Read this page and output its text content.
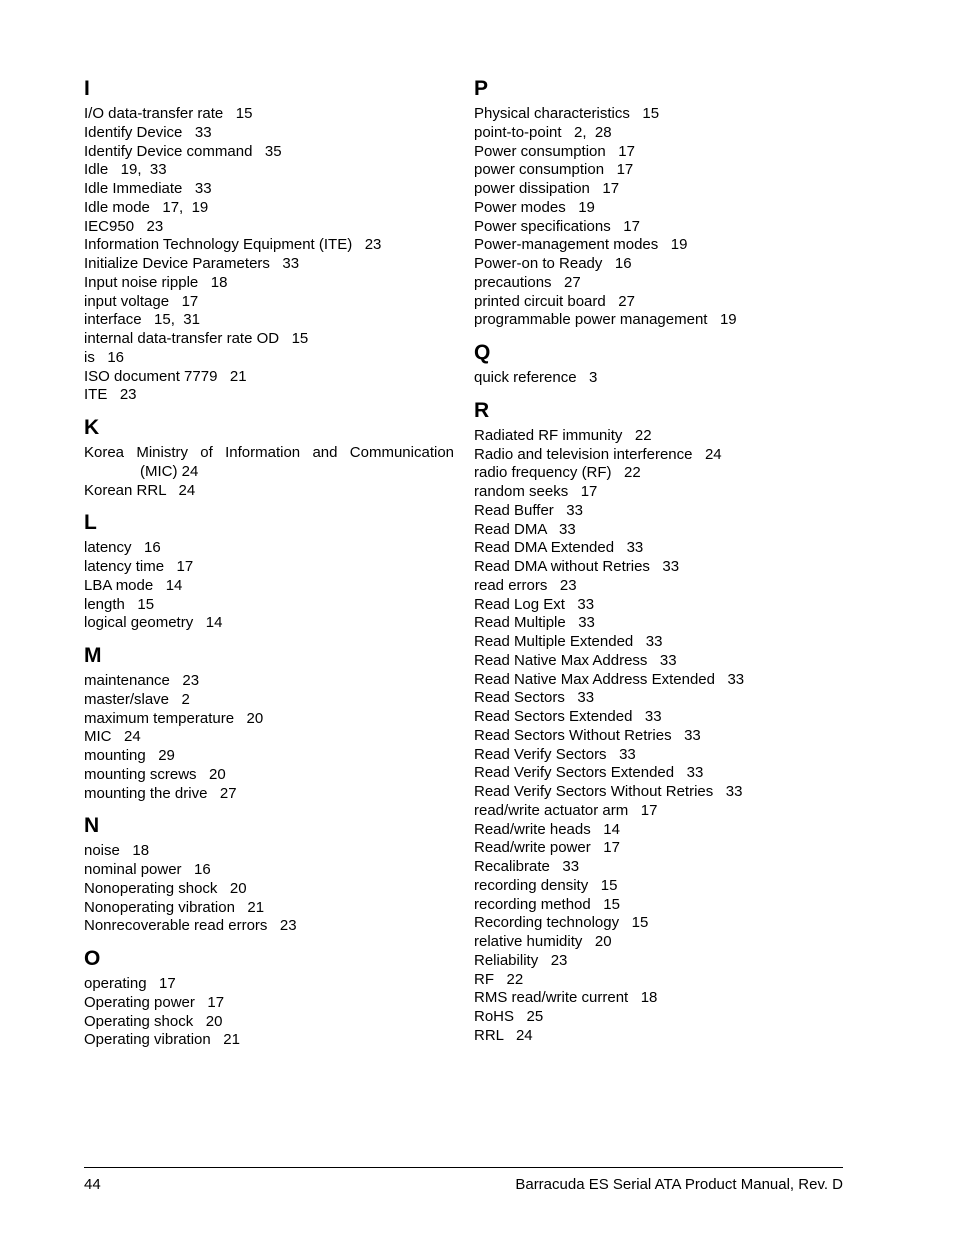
I
I/O data-transfer rate   15
Identify Device   33
Identify Device command   35
Idle   19,  33
Idle Immediate   33
Idle mode   17,  19
IEC950   23
Information Technology Equipment (ITE)   23
Initialize Device Parameters   33
Input noise ripple   18
input voltage   17
interface   15,  31
internal data-transfer rate OD   15
is   16
ISO document 7779   21
ITE   23
K
Korea Ministry of Information and Communication (MIC) 24
Korean RRL   24
L
latency   16
latency time   17
LBA mode   14
length   15
logical geometry   14
M
maintenance   23
master/slave   2
maximum temperature   20
MIC   24
mounting   29
mounting screws   20
mounting the drive   27
N
noise   18
nominal power   16
Nonoperating shock   20
Nonoperating vibration   21
Nonrecoverable read errors   23
O
operating   17
Operating power   17
Operating shock   20
Operating vibration   21
P
Physical characteristics   15
point-to-point   2,  28
Power consumption   17
power consumption   17
power dissipation   17
Power modes   19
Power specifications   17
Power-management modes   19
Power-on to Ready   16
precautions   27
printed circuit board   27
programmable power management   19
Q
quick reference   3
R
Radiated RF immunity   22
Radio and television interference   24
radio frequency (RF)   22
random seeks   17
Read Buffer   33
Read DMA   33
Read DMA Extended   33
Read DMA without Retries   33
read errors   23
Read Log Ext   33
Read Multiple   33
Read Multiple Extended   33
Read Native Max Address   33
Read Native Max Address Extended   33
Read Sectors   33
Read Sectors Extended   33
Read Sectors Without Retries   33
Read Verify Sectors   33
Read Verify Sectors Extended   33
Read Verify Sectors Without Retries   33
read/write actuator arm   17
Read/write heads   14
Read/write power   17
Recalibrate   33
recording density   15
recording method   15
Recording technology   15
relative humidity   20
Reliability   23
RF   22
RMS read/write current   18
RoHS   25
RRL   24
44	Barracuda ES Serial ATA Product Manual, Rev. D
